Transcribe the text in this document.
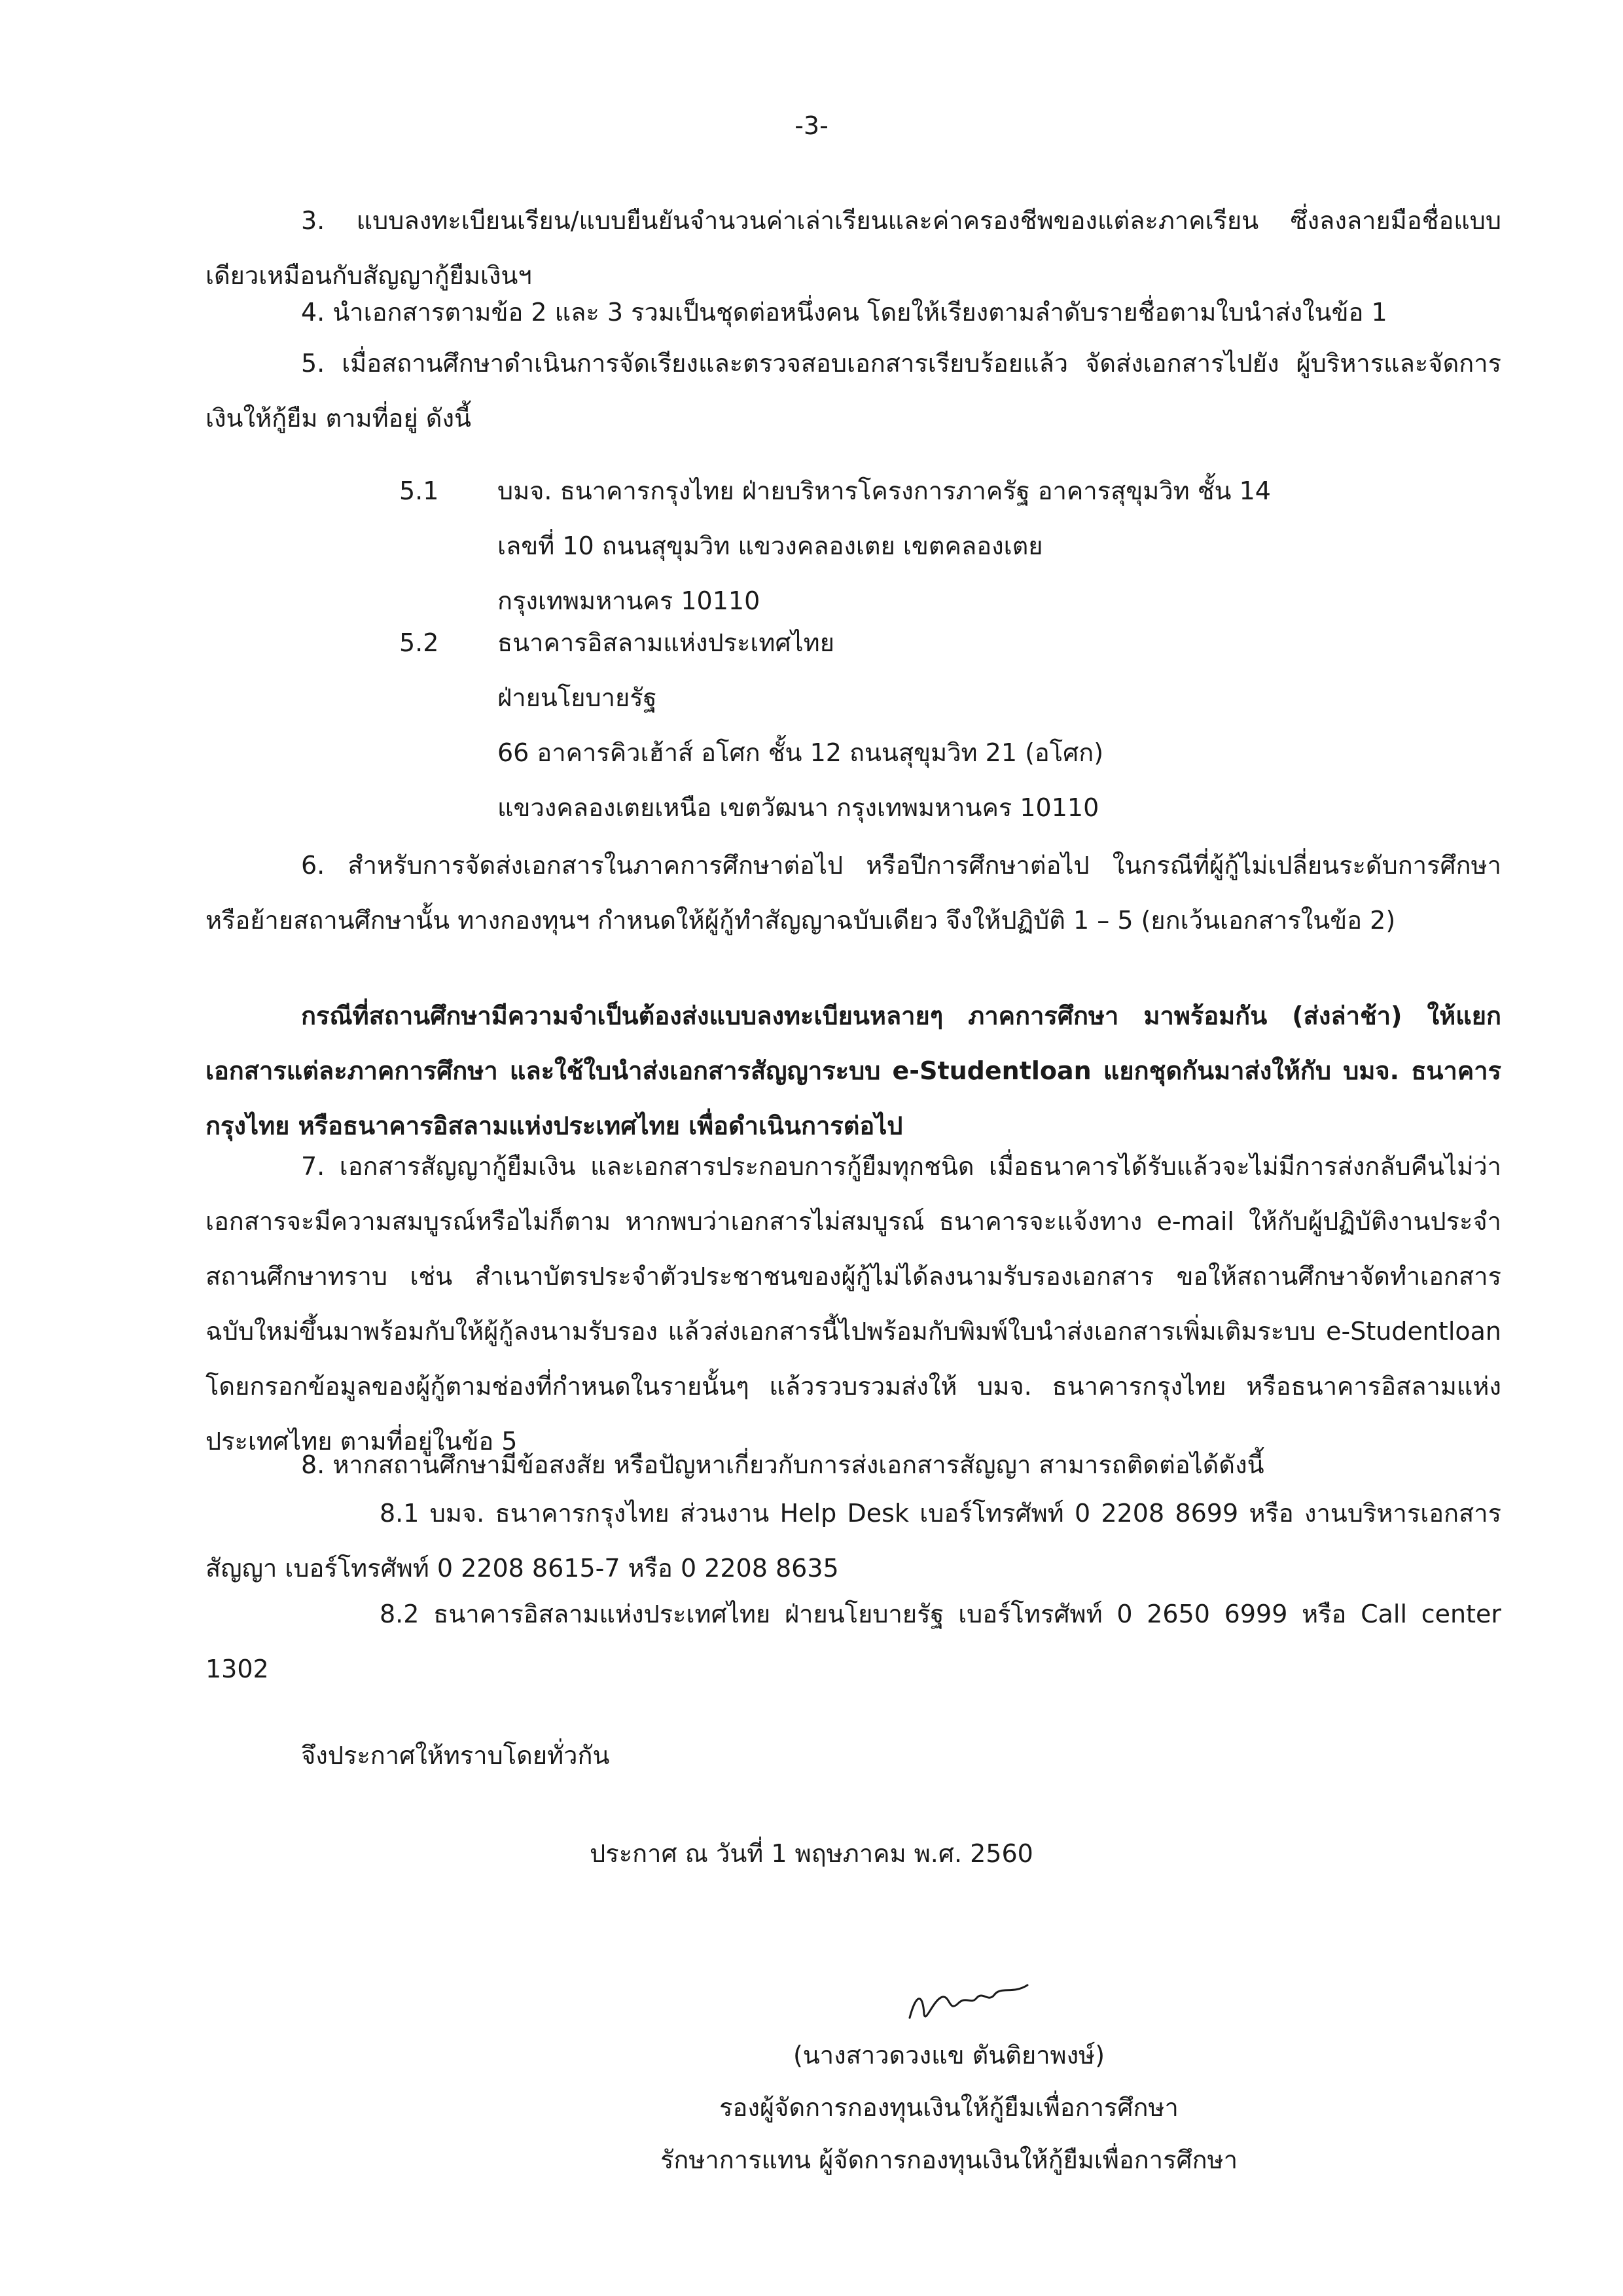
-3-
3. แบบลงทะเบียนเรียน/แบบยืนยันจำนวนค่าเล่าเรียนและค่าครองชีพของแต่ละภาคเรียน ซึ่งลงลายมือชื่อแบบเดียวเหมือนกับสัญญากู้ยืมเงินฯ
4. นำเอกสารตามข้อ 2 และ 3 รวมเป็นชุดต่อหนึ่งคน โดยให้เรียงตามลำดับรายชื่อตามใบนำส่งในข้อ 1
5. เมื่อสถานศึกษาดำเนินการจัดเรียงและตรวจสอบเอกสารเรียบร้อยแล้ว จัดส่งเอกสารไปยัง ผู้บริหารและจัดการเงินให้กู้ยืม ตามที่อยู่ ดังนี้
5.1	บมจ. ธนาคารกรุงไทย ฝ่ายบริหารโครงการภาครัฐ อาคารสุขุมวิท ชั้น 14
เลขที่ 10 ถนนสุขุมวิท แขวงคลองเตย เขตคลองเตย
กรุงเทพมหานคร 10110
5.2	ธนาคารอิสลามแห่งประเทศไทย
ฝ่ายนโยบายรัฐ
66 อาคารคิวเฮ้าส์ อโศก ชั้น 12 ถนนสุขุมวิท 21 (อโศก)
แขวงคลองเตยเหนือ เขตวัฒนา กรุงเทพมหานคร 10110
6. สำหรับการจัดส่งเอกสารในภาคการศึกษาต่อไป หรือปีการศึกษาต่อไป ในกรณีที่ผู้กู้ไม่เปลี่ยนระดับการศึกษา หรือย้ายสถานศึกษานั้น ทางกองทุนฯ กำหนดให้ผู้กู้ทำสัญญาฉบับเดียว จึงให้ปฏิบัติ 1 – 5 (ยกเว้นเอกสารในข้อ 2)
กรณีที่สถานศึกษามีความจำเป็นต้องส่งแบบลงทะเบียนหลายๆ ภาคการศึกษา มาพร้อมกัน (ส่งล่าช้า) ให้แยกเอกสารแต่ละภาคการศึกษา และใช้ใบนำส่งเอกสารสัญญาระบบ e-Studentloan แยกชุดกันมาส่งให้กับ บมจ. ธนาคารกรุงไทย หรือธนาคารอิสลามแห่งประเทศไทย เพื่อดำเนินการต่อไป
7. เอกสารสัญญากู้ยืมเงิน และเอกสารประกอบการกู้ยืมทุกชนิด เมื่อธนาคารได้รับแล้วจะไม่มีการส่งกลับคืนไม่ว่าเอกสารจะมีความสมบูรณ์หรือไม่ก็ตาม หากพบว่าเอกสารไม่สมบูรณ์ ธนาคารจะแจ้งทาง e-mail ให้กับผู้ปฏิบัติงานประจำสถานศึกษาทราบ เช่น สำเนาบัตรประจำตัวประชาชนของผู้กู้ไม่ได้ลงนามรับรองเอกสาร ขอให้สถานศึกษาจัดทำเอกสารฉบับใหม่ขึ้นมาพร้อมกับให้ผู้กู้ลงนามรับรอง แล้วส่งเอกสารนี้ไปพร้อมกับพิมพ์ใบนำส่งเอกสารเพิ่มเติมระบบ e-Studentloan โดยกรอกข้อมูลของผู้กู้ตามช่องที่กำหนดในรายนั้นๆ แล้วรวบรวมส่งให้ บมจ. ธนาคารกรุงไทย หรือธนาคารอิสลามแห่งประเทศไทย ตามที่อยู่ในข้อ 5
8. หากสถานศึกษามีข้อสงสัย หรือปัญหาเกี่ยวกับการส่งเอกสารสัญญา สามารถติดต่อได้ดังนี้
8.1 บมจ. ธนาคารกรุงไทย ส่วนงาน Help Desk เบอร์โทรศัพท์ 0 2208 8699 หรือ งานบริหารเอกสารสัญญา เบอร์โทรศัพท์ 0 2208 8615-7 หรือ 0 2208 8635
8.2 ธนาคารอิสลามแห่งประเทศไทย ฝ่ายนโยบายรัฐ เบอร์โทรศัพท์ 0 2650 6999 หรือ Call center 1302
จึงประกาศให้ทราบโดยทั่วกัน
ประกาศ ณ วันที่ 1 พฤษภาคม พ.ศ. 2560
(นางสาวดวงแข ตันติยาพงษ์)
รองผู้จัดการกองทุนเงินให้กู้ยืมเพื่อการศึกษา
รักษาการแทน ผู้จัดการกองทุนเงินให้กู้ยืมเพื่อการศึกษา
